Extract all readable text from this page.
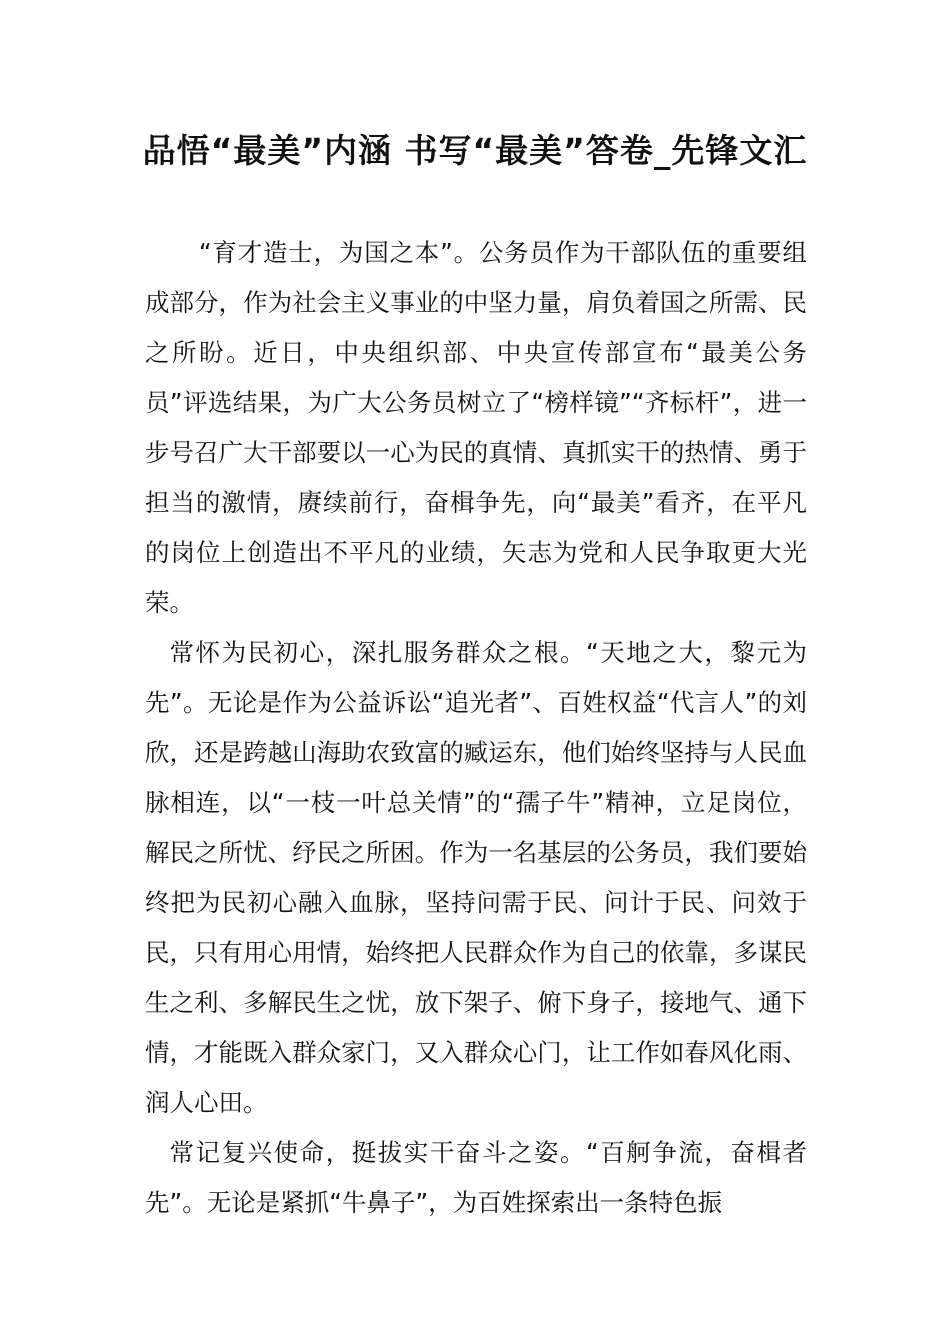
品悟“最美”内涵 书写“最美”答卷_先锋文汇

“育才造士，为国之本”。公务员作为干部队伍的重要组成部分，作为社会主义事业的中坚力量，肩负着国之所需、民之所盼。近日，中央组织部、中央宣传部宣布“最美公务员”评选结果，为广大公务员树立了“榜样镜”“齐标杆”，进一步号召广大干部要以一心为民的真情、真抓实干的热情、勇于担当的激情，赓续前行，奋楫争先，向“最美”看齐，在平凡的岗位上创造出不平凡的业绩，矢志为党和人民争取更大光荣。

常怀为民初心，深扎服务群众之根。“天地之大，黎元为先”。无论是作为公益诉讼“追光者”、百姓权益“代言人”的刘欣，还是跨越山海助农致富的臧运东，他们始终坚持与人民血脉相连，以“一枝一叶总关情”的“孺子牛”精神，立足岗位，解民之所忧、纾民之所困。作为一名基层的公务员，我们要始终把为民初心融入血脉，坚持问需于民、问计于民、问效于民，只有用心用情，始终把人民群众作为自己的依靠，多谋民生之利、多解民生之忧，放下架子、俯下身子，接地气、通下情，才能既入群众家门，又入群众心门，让工作如春风化雨、润人心田。

常记复兴使命，挺拔实干奋斗之姿。“百舸争流，奋楫者先”。无论是紧抓“牛鼻子”，为百姓探索出一条特色振
